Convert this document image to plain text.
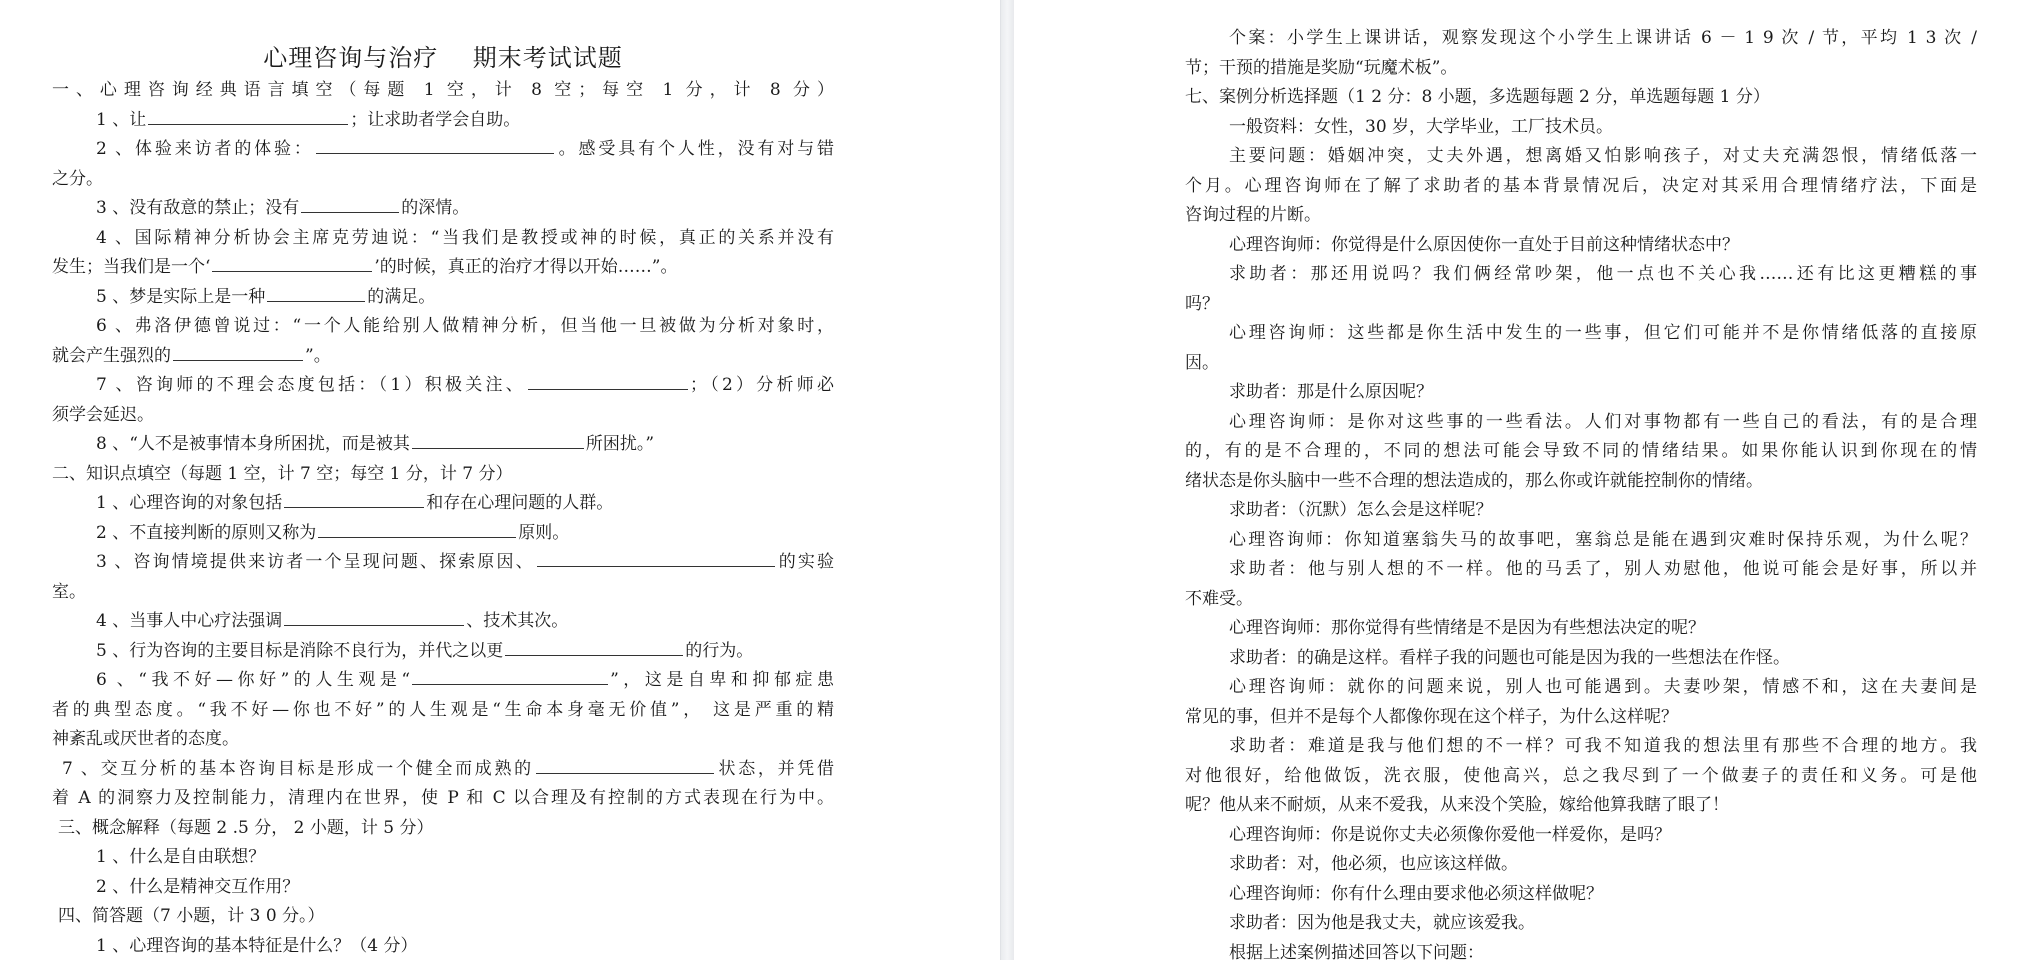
心理咨询与治疗    期末考试试题
一、心理咨询经典语言填空（每题 1 空，计 8 空；每空 1 分，计 8 分）
1 、让	；让求助者学会自助。
2 、体验来访者的体验：	。感受具有个人性，没有对与错
之分。
3 、没有敌意的禁止；没有	的深情。
4 、国际精神分析协会主席克劳迪说：“当我们是教授或神的时候，真正的关系并没有
发生；当我们是一个‘	’的时候，真正的治疗才得以开始……”。
5 、梦是实际上是一种	的满足。
6 、弗洛伊德曾说过：“一个人能给别人做精神分析，但当他一旦被做为分析对象时，
就会产生强烈的	”。
7 、咨询师的不理会态度包括：（1）积极关注、	；（2）分析师必
须学会延迟。
8 、“人不是被事情本身所困扰，而是被其	所困扰。”
二、知识点填空（每题 1 空，计 7 空；每空 1 分，计 7 分）
1 、心理咨询的对象包括	和存在心理问题的人群。
2 、不直接判断的原则又称为	原则。
3 、咨询情境提供来访者一个呈现问题、探索原因、	的实验
室。
4 、当事人中心疗法强调	、技术其次。
5 、行为咨询的主要目标是消除不良行为，并代之以更	的行为。
6 、“我不好—你好”的人生观是“	”，这是自卑和抑郁症患
者的典型态度。“我不好—你也不好”的人生观是“生命本身毫无价值”， 这是严重的精
神紊乱或厌世者的态度。
7 、交互分析的基本咨询目标是形成一个健全而成熟的	状态，并凭借
着 A 的洞察力及控制能力，清理内在世界，使 P 和 C 以合理及有控制的方式表现在行为中。
三、概念解释（每题 2 .5 分， 2 小题，计 5 分）
1 、什么是自由联想？
2 、什么是精神交互作用？
四、简答题（7 小题，计 3 0 分。）
1 、心理咨询的基本特征是什么？（4 分）
个案：小学生上课讲话，观察发现这个小学生上课讲话 6 － 1 9 次 / 节，平均 1 3 次 /
节；干预的措施是奖励“玩魔术板”。
七、案例分析选择题（1 2 分：8 小题，多选题每题 2 分，单选题每题 1 分）
一般资料：女性，30 岁，大学毕业，工厂技术员。
主要问题：婚姻冲突，丈夫外遇，想离婚又怕影响孩子，对丈夫充满怨恨，情绪低落一
个月。心理咨询师在了解了求助者的基本背景情况后，决定对其采用合理情绪疗法，下面是
咨询过程的片断。
心理咨询师：你觉得是什么原因使你一直处于目前这种情绪状态中？
求助者：那还用说吗？我们俩经常吵架，他一点也不关心我……还有比这更糟糕的事
吗？
心理咨询师：这些都是你生活中发生的一些事，但它们可能并不是你情绪低落的直接原
因。
求助者：那是什么原因呢？
心理咨询师：是你对这些事的一些看法。人们对事物都有一些自己的看法，有的是合理
的，有的是不合理的，不同的想法可能会导致不同的情绪结果。如果你能认识到你现在的情
绪状态是你头脑中一些不合理的想法造成的，那么你或许就能控制你的情绪。
求助者：（沉默）怎么会是这样呢？
心理咨询师：你知道塞翁失马的故事吧，塞翁总是能在遇到灾难时保持乐观，为什么呢？
求助者：他与别人想的不一样。他的马丢了，别人劝慰他，他说可能会是好事，所以并
不难受。
心理咨询师：那你觉得有些情绪是不是因为有些想法决定的呢？
求助者：的确是这样。看样子我的问题也可能是因为我的一些想法在作怪。
心理咨询师：就你的问题来说，别人也可能遇到。夫妻吵架，情感不和，这在夫妻间是
常见的事，但并不是每个人都像你现在这个样子，为什么这样呢？
求助者：难道是我与他们想的不一样？可我不知道我的想法里有那些不合理的地方。我
对他很好，给他做饭，洗衣服，使他高兴，总之我尽到了一个做妻子的责任和义务。可是他
呢？他从来不耐烦，从来不爱我，从来没个笑脸，嫁给他算我瞎了眼了！
心理咨询师：你是说你丈夫必须像你爱他一样爱你，是吗？
求助者：对，他必须，也应该这样做。
心理咨询师：你有什么理由要求他必须这样做呢？
求助者：因为他是我丈夫，就应该爱我。
根据上述案例描述回答以下问题：
